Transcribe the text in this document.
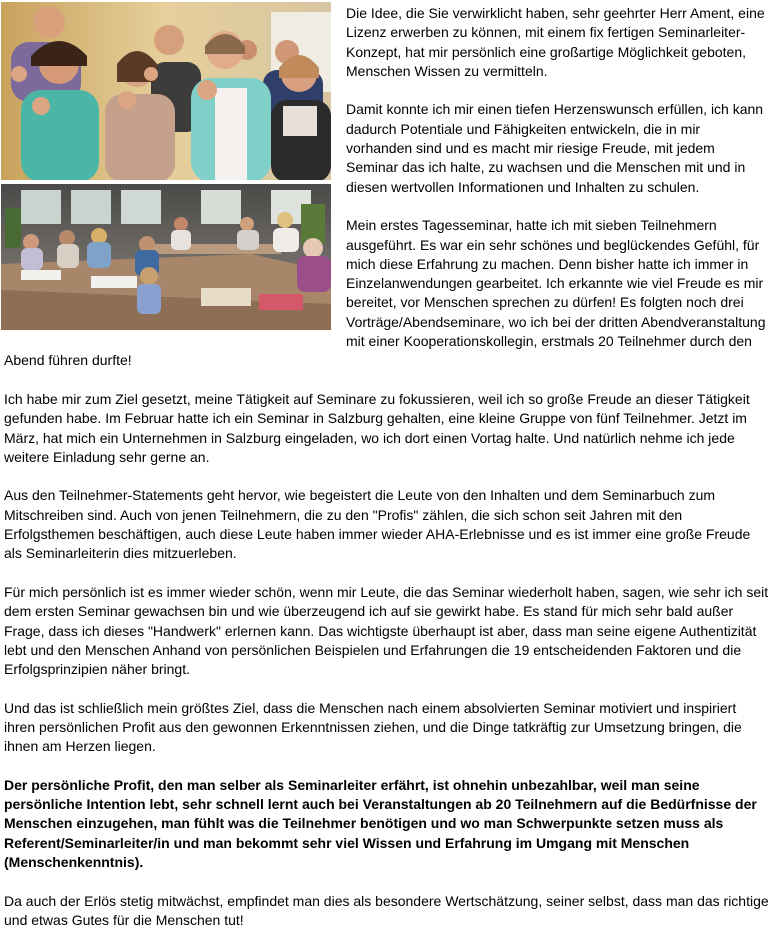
Die Idee, die Sie verwirklicht haben, sehr geehrter Herr Ament, eine Lizenz erwerben zu können, mit einem fix fertigen Seminarleiter-Konzept, hat mir persönlich eine großartige Möglichkeit geboten, Menschen Wissen zu vermitteln.

Damit konnte ich mir einen tiefen Herzenswunsch erfüllen, ich kann dadurch Potentiale und Fähigkeiten entwickeln, die in mir vorhanden sind und es macht mir riesige Freude, mit jedem Seminar das ich halte, zu wachsen und die Menschen mit und in diesen wertvollen Informationen und Inhalten zu schulen.

Mein erstes Tagesseminar, hatte ich mit sieben Teilnehmern ausgeführt. Es war ein sehr schönes und beglückendes Gefühl, für mich diese Erfahrung zu machen. Denn bisher hatte ich immer in Einzelanwendungen gearbeitet. Ich erkannte wie viel Freude es mir bereitet, vor Menschen sprechen zu dürfen! Es folgten noch drei Vorträge/Abendseminare, wo ich bei der dritten Abendveranstaltung mit einer Kooperationskollegin, erstmals 20 Teilnehmer durch den Abend führen durfte!

Ich habe mir zum Ziel gesetzt, meine Tätigkeit auf Seminare zu fokussieren, weil ich so große Freude an dieser Tätigkeit gefunden habe. Im Februar hatte ich ein Seminar in Salzburg gehalten, eine kleine Gruppe von fünf Teilnehmer. Jetzt im März, hat mich ein Unternehmen in Salzburg eingeladen, wo ich dort einen Vortag halte. Und natürlich nehme ich jede weitere Einladung sehr gerne an.

Aus den Teilnehmer-Statements geht hervor, wie begeistert die Leute von den Inhalten und dem Seminarbuch zum Mitschreiben sind. Auch von jenen Teilnehmern, die zu den "Profis" zählen, die sich schon seit Jahren mit den Erfolgsthemen beschäftigen, auch diese Leute haben immer wieder AHA-Erlebnisse und es ist immer eine große Freude als Seminarleiterin dies mitzuerleben.

Für mich persönlich ist es immer wieder schön, wenn mir Leute, die das Seminar wiederholt haben, sagen, wie sehr ich seit dem ersten Seminar gewachsen bin und wie überzeugend ich auf sie gewirkt habe. Es stand für mich sehr bald außer Frage, dass ich dieses "Handwerk" erlernen kann. Das wichtigste überhaupt ist aber, dass man seine eigene Authentizität lebt und den Menschen Anhand von persönlichen Beispielen und Erfahrungen die 19 entscheidenden Faktoren und die Erfolgsprinzipien näher bringt.

Und das ist schließlich mein größtes Ziel, dass die Menschen nach einem absolvierten Seminar motiviert und inspiriert ihren persönlichen Profit aus den gewonnen Erkenntnissen ziehen, und die Dinge tatkräftig zur Umsetzung bringen, die ihnen am Herzen liegen.

Der persönliche Profit, den man selber als Seminarleiter erfährt, ist ohnehin unbezahlbar, weil man seine persönliche Intention lebt, sehr schnell lernt auch bei Veranstaltungen ab 20 Teilnehmern auf die Bedürfnisse der Menschen einzugehen, man fühlt was die Teilnehmer benötigen und wo man Schwerpunkte setzen muss als Referent/Seminarleiter/in und man bekommt sehr viel Wissen und Erfahrung im Umgang mit Menschen (Menschenkenntnis).

Da auch der Erlös stetig mitwächst, empfindet man dies als besondere Wertschätzung, seiner selbst, dass man das richtige und etwas Gutes für die Menschen tut!
